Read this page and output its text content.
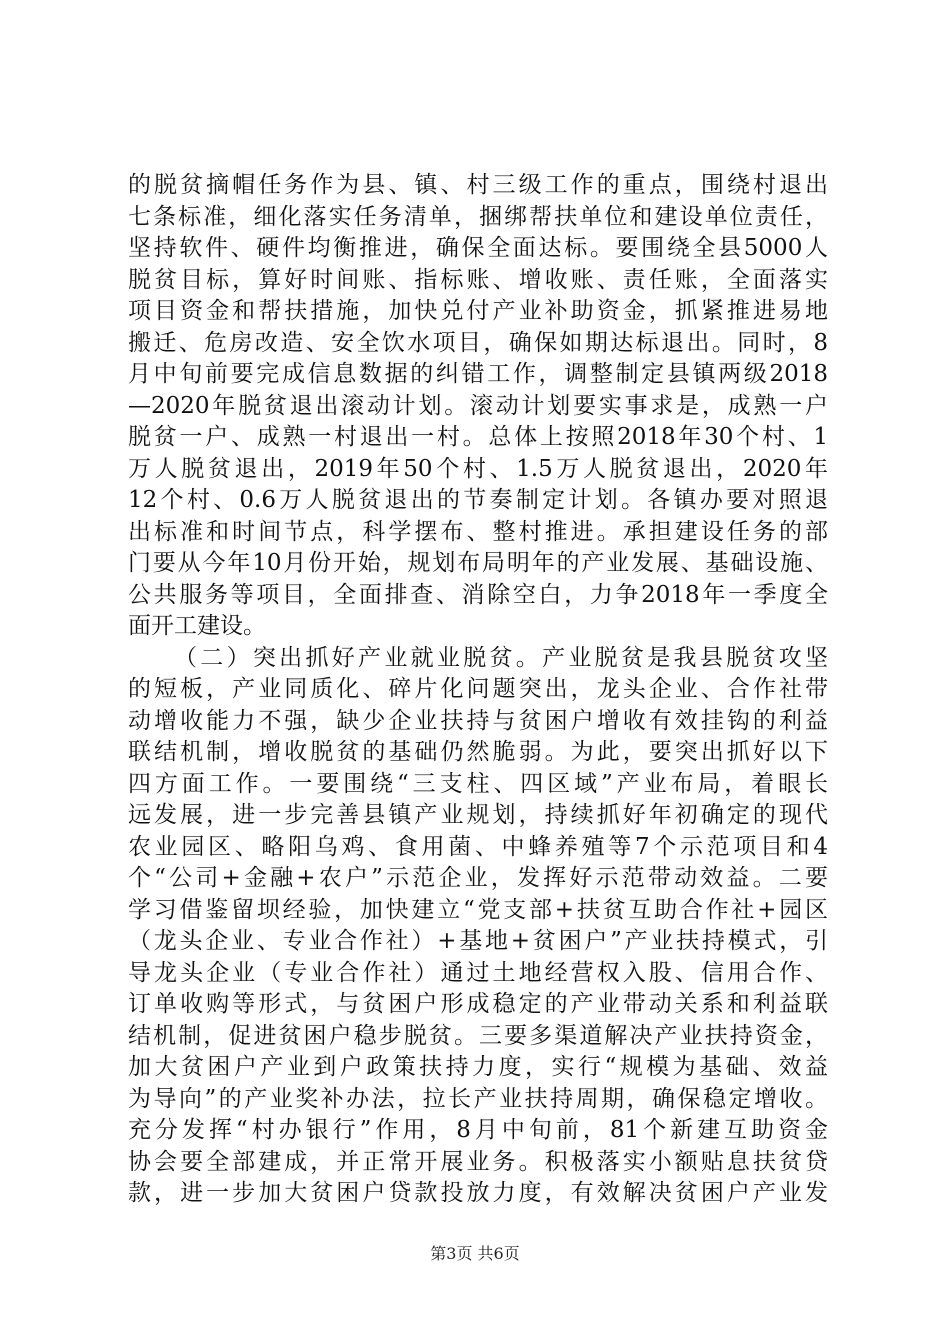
的脱贫摘帽任务作为县、镇、村三级工作的重点，围绕村退出
七条标准，细化落实任务清单，捆绑帮扶单位和建设单位责任，
坚持软件、硬件均衡推进，确保全面达标。要围绕全县5000人
脱贫目标，算好时间账、指标账、增收账、责任账，全面落实
项目资金和帮扶措施，加快兑付产业补助资金，抓紧推进易地
搬迁、危房改造、安全饮水项目，确保如期达标退出。同时，8
月中旬前要完成信息数据的纠错工作，调整制定县镇两级2018
—2020年脱贫退出滚动计划。滚动计划要实事求是，成熟一户
脱贫一户、成熟一村退出一村。总体上按照2018年30个村、1
万人脱贫退出，2019年50个村、1.5万人脱贫退出，2020年
12个村、0.6万人脱贫退出的节奏制定计划。各镇办要对照退
出标准和时间节点，科学摆布、整村推进。承担建设任务的部
门要从今年10月份开始，规划布局明年的产业发展、基础设施、
公共服务等项目，全面排查、消除空白，力争2018年一季度全
面开工建设。
（二）突出抓好产业就业脱贫。产业脱贫是我县脱贫攻坚
的短板，产业同质化、碎片化问题突出，龙头企业、合作社带
动增收能力不强，缺少企业扶持与贫困户增收有效挂钩的利益
联结机制，增收脱贫的基础仍然脆弱。为此，要突出抓好以下
四方面工作。一要围绕“三支柱、四区域”产业布局，着眼长
远发展，进一步完善县镇产业规划，持续抓好年初确定的现代
农业园区、略阳乌鸡、食用菌、中蜂养殖等7个示范项目和4
个“公司+金融+农户”示范企业，发挥好示范带动效益。二要
学习借鉴留坝经验，加快建立“党支部+扶贫互助合作社+园区
（龙头企业、专业合作社）+基地+贫困户”产业扶持模式，引
导龙头企业（专业合作社）通过土地经营权入股、信用合作、
订单收购等形式，与贫困户形成稳定的产业带动关系和利益联
结机制，促进贫困户稳步脱贫。三要多渠道解决产业扶持资金，
加大贫困户产业到户政策扶持力度，实行“规模为基础、效益
为导向”的产业奖补办法，拉长产业扶持周期，确保稳定增收。
充分发挥“村办银行”作用，8月中旬前，81个新建互助资金
协会要全部建成，并正常开展业务。积极落实小额贴息扶贫贷
款，进一步加大贫困户贷款投放力度，有效解决贫困户产业发
第3页 共6页
